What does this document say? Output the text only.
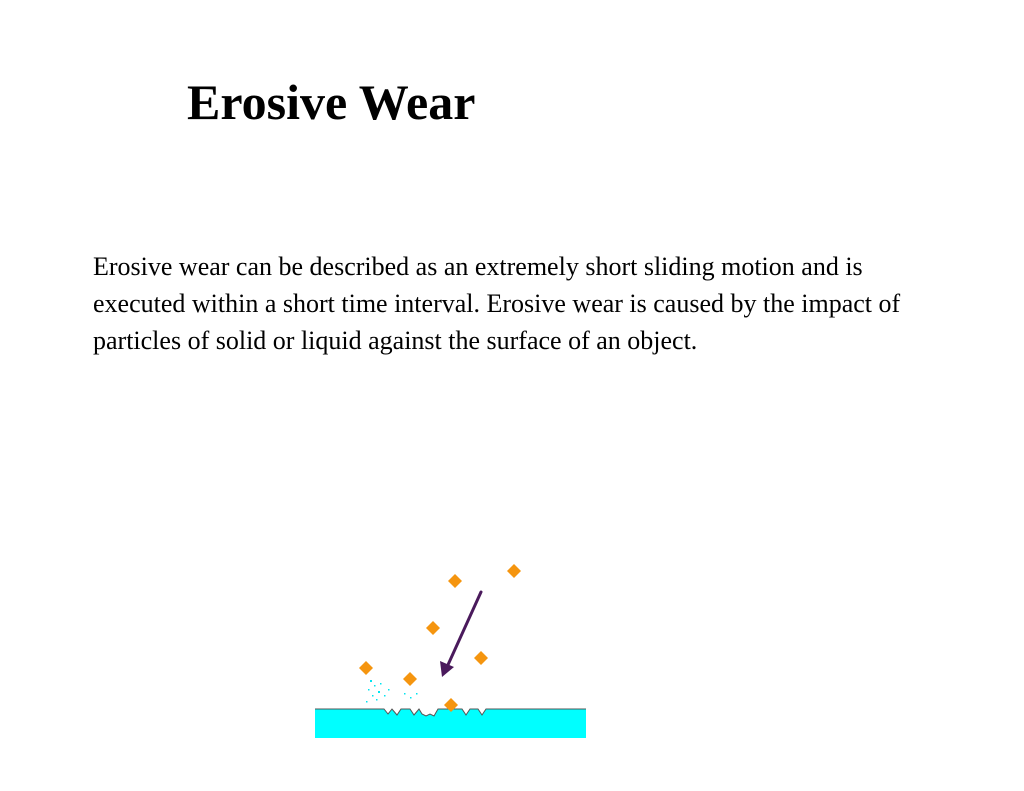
Erosive Wear

Erosive wear can be described as an extremely short sliding motion and is executed within a short time interval. Erosive wear is caused by the impact of particles of solid or liquid against the surface of an object.
